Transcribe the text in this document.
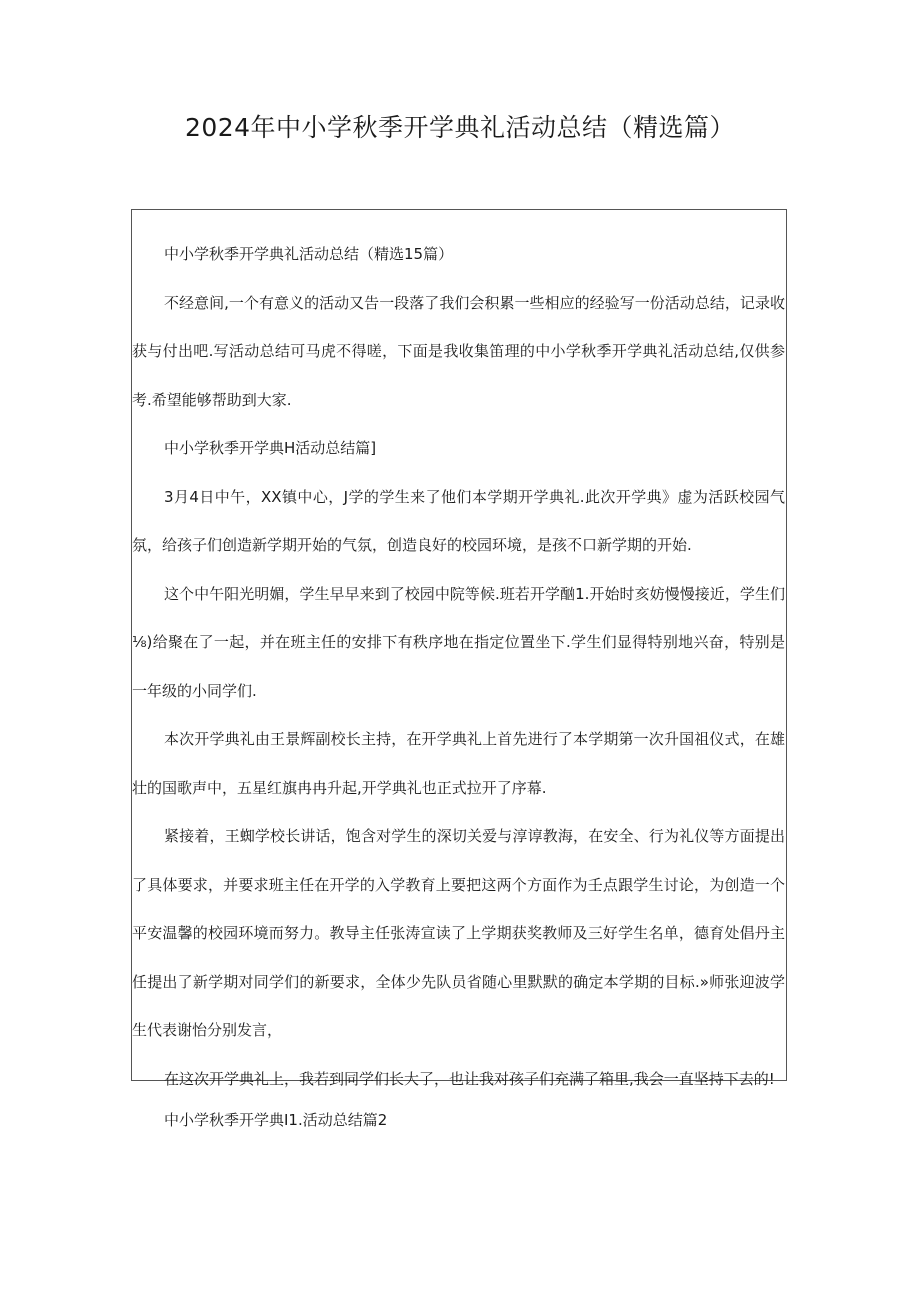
2024年中小学秋季开学典礼活动总结（精选篇）

中小学秋季开学典礼活动总结（精选15篇）

不经意间,一个有意义的活动又告一段落了我们会积累一些相应的经验写一份活动总结，记录收获与付出吧.写活动总结可马虎不得嗟，下面是我收集笛理的中小学秋季开学典礼活动总结,仅供参考.希望能够帮助到大家.

中小学秋季开学典H活动总结篇]

3月4日中午，XX镇中心，J学的学生来了他们本学期开学典礼.此次开学典》虚为活跃校园气氛，给孩子们创造新学期开始的气氛，创造良好的校园环境，是孩不口新学期的开始.

这个中午阳光明媚，学生早早来到了校园中院等候.班若开学酗1.开始时亥妨慢慢接近，学生们⅛)给聚在了一起，并在班主任的安排下有秩序地在指定位置坐下.学生们显得特别地兴奋，特别是一年级的小同学们.

本次开学典礼由王景辉副校长主持，在开学典礼上首先进行了本学期第一次升国祖仪式，在雄壮的国歌声中，五星红旗冉冉升起,开学典礼也正式拉开了序幕.

紧接着，王蜘学校长讲话，饱含对学生的深切关爱与淳谆教海，在安全、行为礼仪等方面提出了具体要求，并要求班主任在开学的入学教育上要把这两个方面作为壬点跟学生讨论，为创造一个平安温馨的校园环境而努力。教导主任张涛宣读了上学期获奖教师及三好学生名单，德育处倡丹主任提出了新学期对同学们的新要求，全体少先队员省随心里默默的确定本学期的目标.»师张迎波学生代表谢怡分别发言，

在这次开学典礼上，我若到同学们长大了，也让我对孩子们充满了箱里,我会一直坚持下去的!

中小学秋季开学典I1.活动总结篇2
